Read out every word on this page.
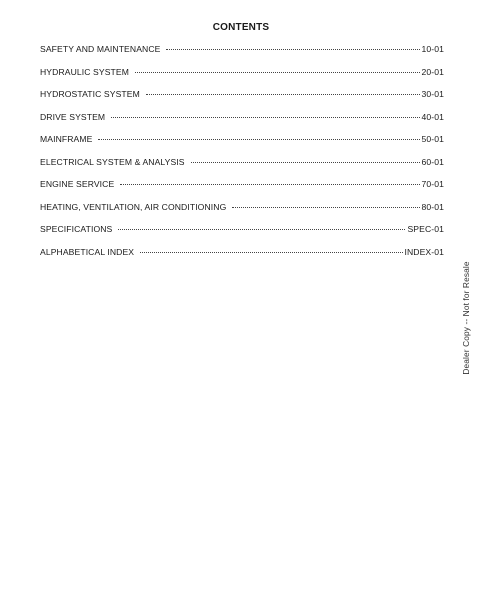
CONTENTS
SAFETY AND MAINTENANCE	10-01
HYDRAULIC SYSTEM	20-01
HYDROSTATIC SYSTEM	30-01
DRIVE SYSTEM	40-01
MAINFRAME	50-01
ELECTRICAL SYSTEM & ANALYSIS	60-01
ENGINE SERVICE	70-01
HEATING, VENTILATION, AIR CONDITIONING	80-01
SPECIFICATIONS	SPEC-01
ALPHABETICAL INDEX	INDEX-01
Dealer Copy -- Not for Resale
